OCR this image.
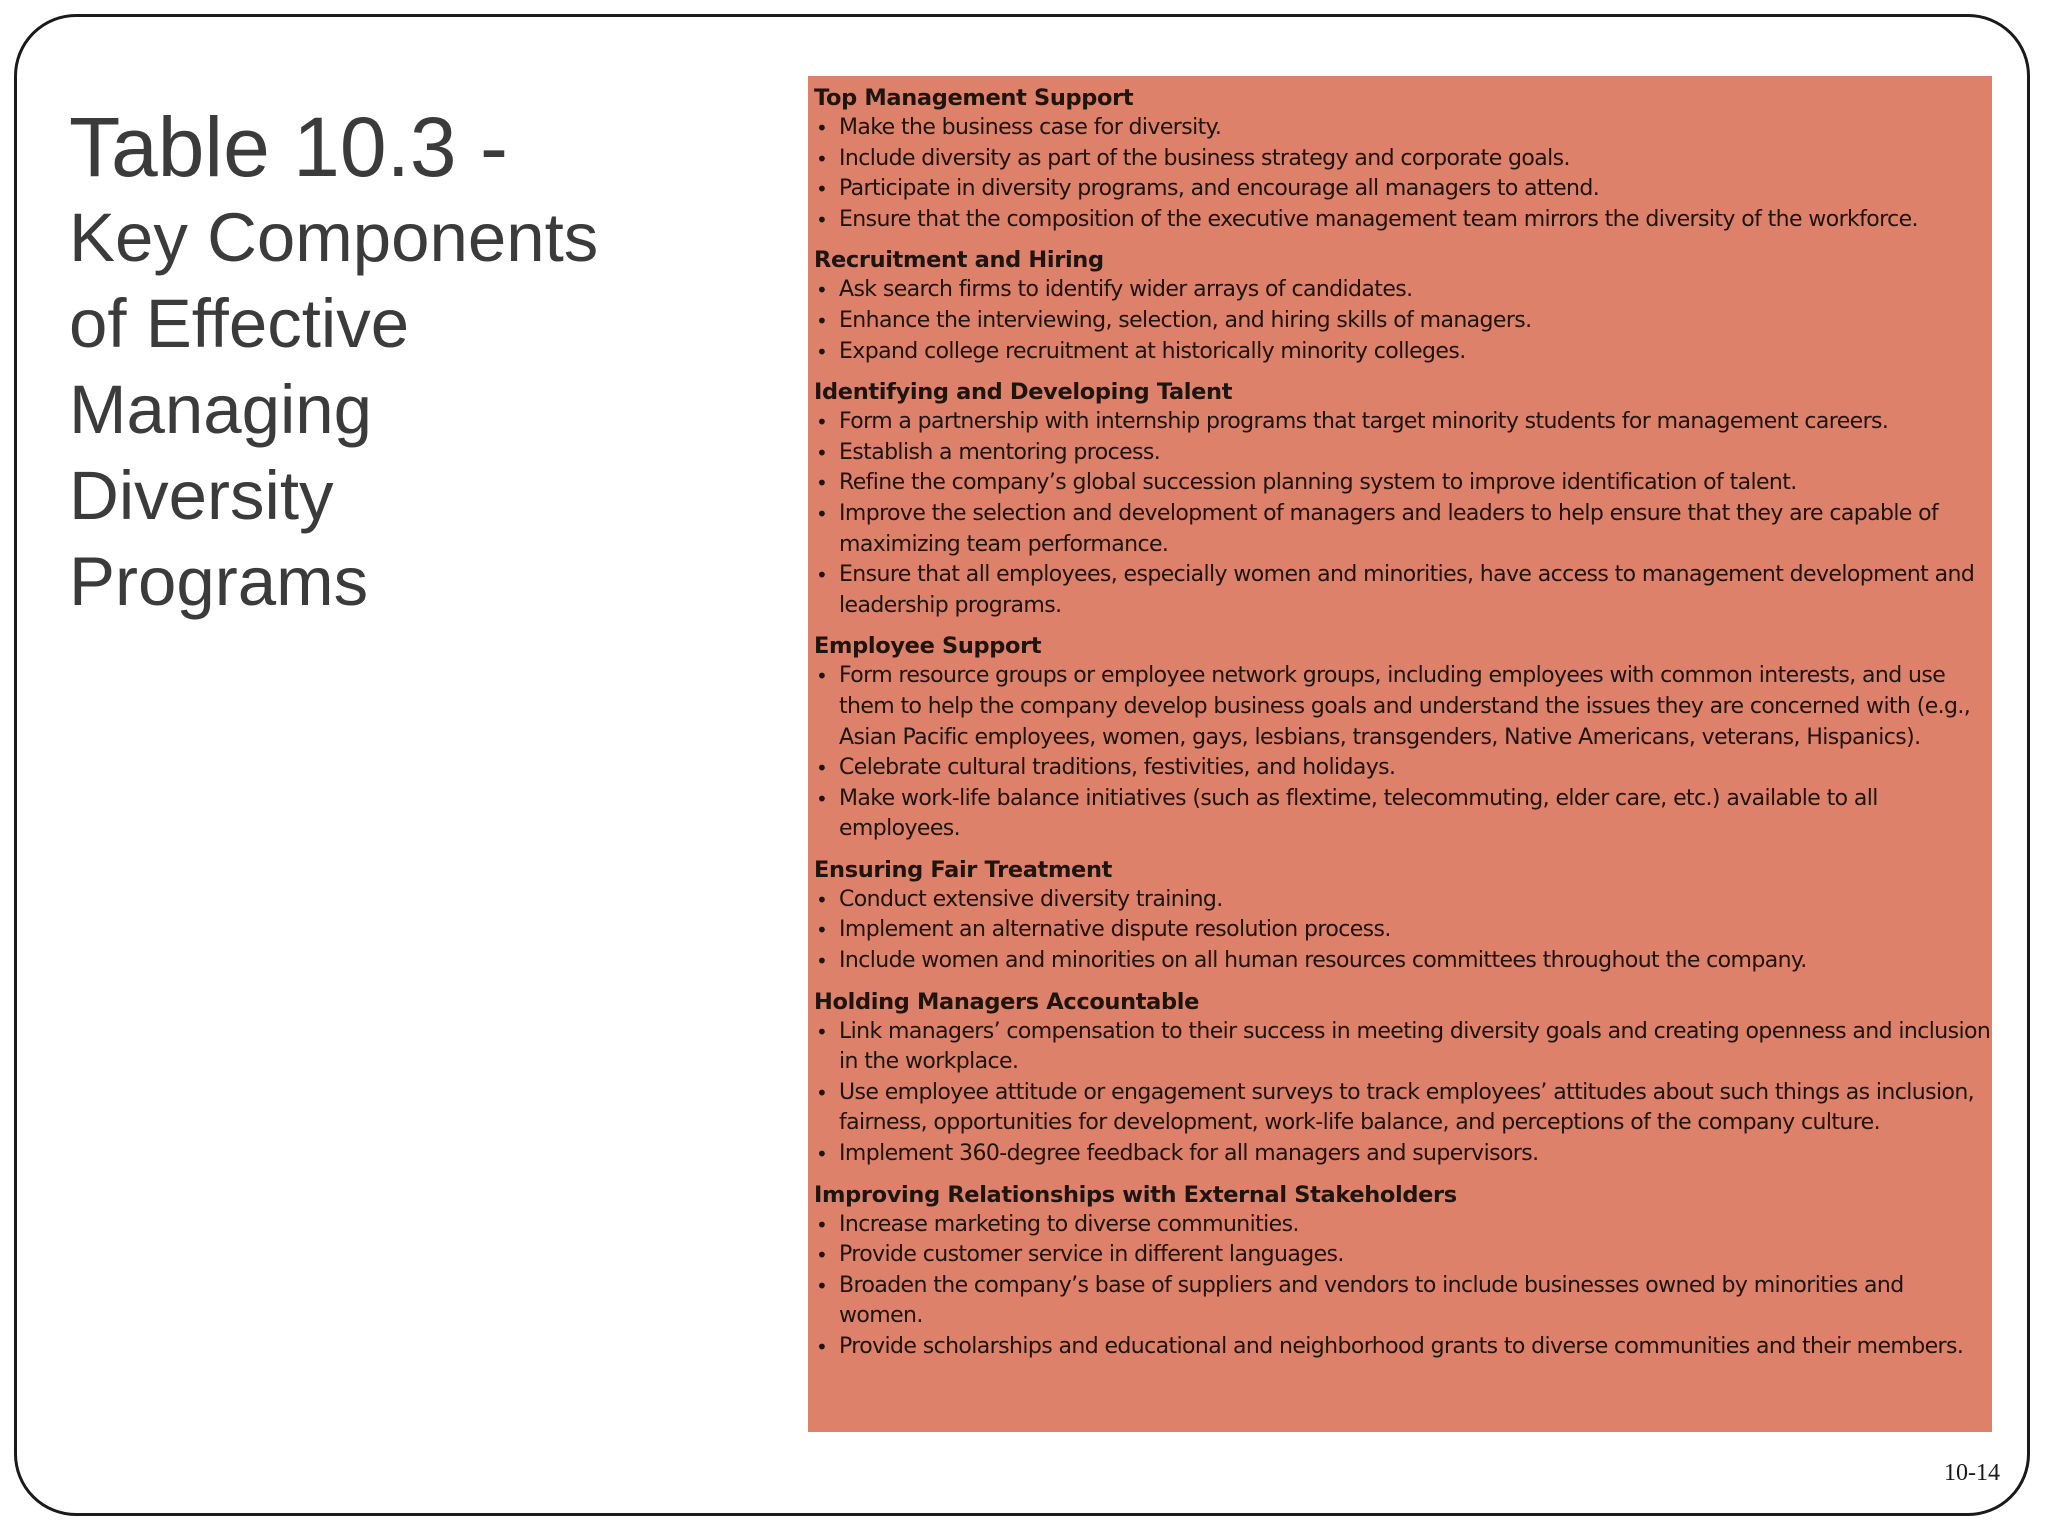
Table 10.3 -

Key Components
of Effective
Managing
Diversity
Programs

Top Management Support

• Make the business case for diversity.
• Include diversity as part of the business strategy and corporate goals.
• Participate in diversity programs, and encourage all managers to attend.
• Ensure that the composition of the executive management team mirrors the diversity of the workforce.

Recruitment and Hiring

• Ask search firms to identify wider arrays of candidates.
• Enhance the interviewing, selection, and hiring skills of managers.
• Expand college recruitment at historically minority colleges.

Identifying and Developing Talent

• Form a partnership with internship programs that target minority students for management careers.
• Establish a mentoring process.
• Refine the company’s global succession planning system to improve identification of talent.
• Improve the selection and development of managers and leaders to help ensure that they are capable of maximizing team performance.
• Ensure that all employees, especially women and minorities, have access to management development and leadership programs.

Employee Support

• Form resource groups or employee network groups, including employees with common interests, and use them to help the company develop business goals and understand the issues they are concerned with (e.g., Asian Pacific employees, women, gays, lesbians, transgenders, Native Americans, veterans, Hispanics).
• Celebrate cultural traditions, festivities, and holidays.
• Make work-life balance initiatives (such as flextime, telecommuting, elder care, etc.) available to all employees.

Ensuring Fair Treatment

• Conduct extensive diversity training.
• Implement an alternative dispute resolution process.
• Include women and minorities on all human resources committees throughout the company.

Holding Managers Accountable

• Link managers’ compensation to their success in meeting diversity goals and creating openness and inclusion in the workplace.
• Use employee attitude or engagement surveys to track employees’ attitudes about such things as inclusion, fairness, opportunities for development, work-life balance, and perceptions of the company culture.
• Implement 360-degree feedback for all managers and supervisors.

Improving Relationships with External Stakeholders

• Increase marketing to diverse communities.
• Provide customer service in different languages.
• Broaden the company’s base of suppliers and vendors to include businesses owned by minorities and women.
• Provide scholarships and educational and neighborhood grants to diverse communities and their members.
10-14
